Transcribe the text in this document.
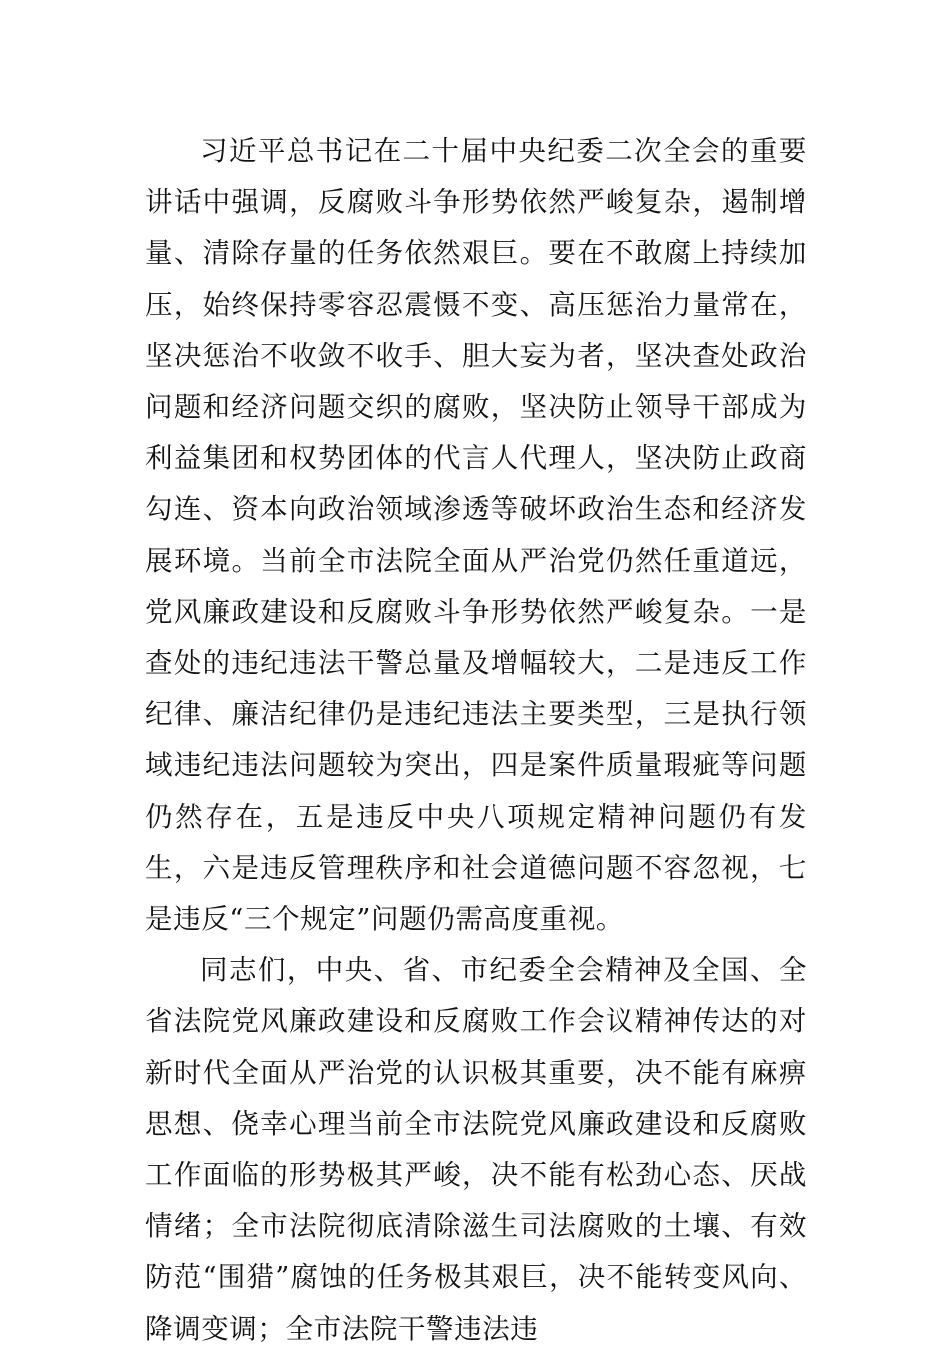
习近平总书记在二十届中央纪委二次全会的重要讲话中强调，反腐败斗争形势依然严峻复杂，遏制增量、清除存量的任务依然艰巨。要在不敢腐上持续加压，始终保持零容忍震慑不变、高压惩治力量常在，坚决惩治不收敛不收手、胆大妄为者，坚决查处政治问题和经济问题交织的腐败，坚决防止领导干部成为利益集团和权势团体的代言人代理人，坚决防止政商勾连、资本向政治领域渗透等破坏政治生态和经济发展环境。当前全市法院全面从严治党仍然任重道远，党风廉政建设和反腐败斗争形势依然严峻复杂。一是查处的违纪违法干警总量及增幅较大，二是违反工作纪律、廉洁纪律仍是违纪违法主要类型，三是执行领域违纪违法问题较为突出，四是案件质量瑕疵等问题仍然存在，五是违反中央八项规定精神问题仍有发生，六是违反管理秩序和社会道德问题不容忽视，七是违反“三个规定”问题仍需高度重视。

同志们，中央、省、市纪委全会精神及全国、全省法院党风廉政建设和反腐败工作会议精神传达的对新时代全面从严治党的认识极其重要，决不能有麻痹思想、侥幸心理当前全市法院党风廉政建设和反腐败工作面临的形势极其严峻，决不能有松劲心态、厌战情绪；全市法院彻底清除滋生司法腐败的土壤、有效防范“围猎”腐蚀的任务极其艰巨，决不能转变风向、降调变调；全市法院干警违法违
